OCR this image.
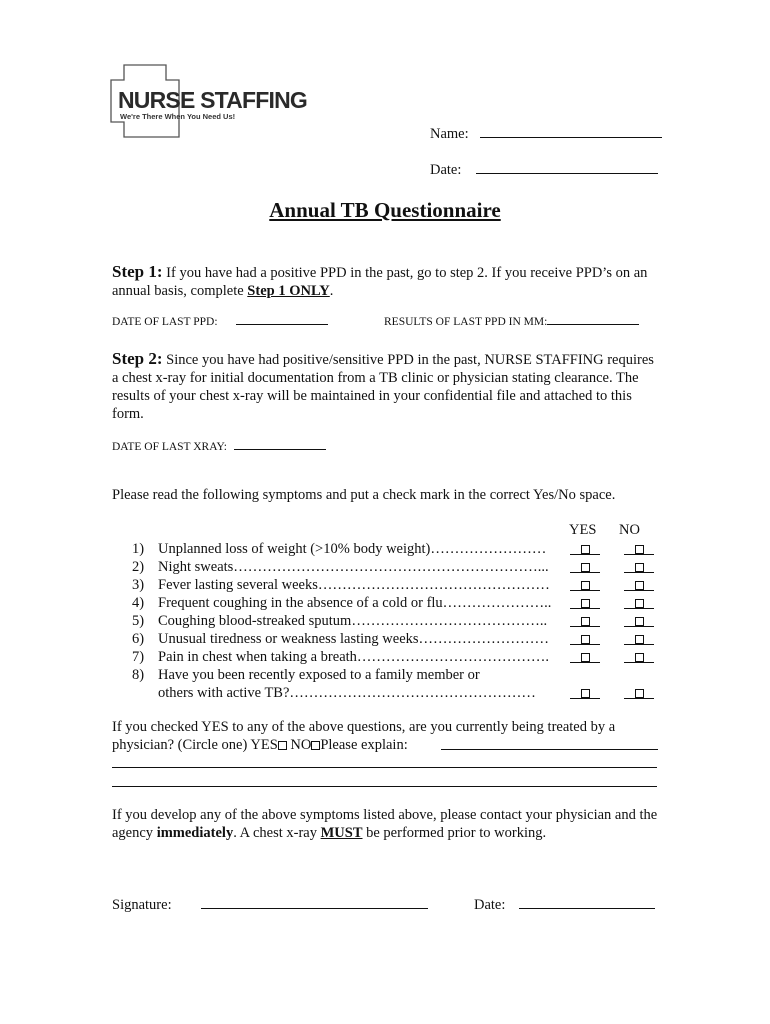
NURSE STAFFING
We're There When You Need Us!
Name:
Date:
Annual TB Questionnaire
Step 1: If you have had a positive PPD in the past, go to step 2. If you receive PPD’s on an annual basis, complete Step 1 ONLY.
DATE OF LAST PPD:	RESULTS OF LAST PPD IN MM:
Step 2: Since you have had positive/sensitive PPD in the past, NURSE STAFFING requires a chest x-ray for initial documentation from a TB clinic or physician stating clearance. The results of your chest x-ray will be maintained in your confidential file and attached to this form.
DATE OF LAST XRAY:
Please read the following symptoms and put a check mark in the correct Yes/No space.
YES NO
1) Unplanned loss of weight (>10% body weight)……………………
2) Night sweats………………………………………………………...
3) Fever lasting several weeks…………………………………………
4) Frequent coughing in the absence of a cold or flu…………………..
5) Coughing blood-streaked sputum…………………………………..
6) Unusual tiredness or weakness lasting weeks………………………
7) Pain in chest when taking a breath………………………………….
8) Have you been recently exposed to a family member or
others with active TB?……………………………………………
If you checked YES to any of the above questions, are you currently being treated by a
physician? (Circle one) YES NO Please explain:
If you develop any of the above symptoms listed above, please contact your physician and the agency immediately. A chest x-ray MUST be performed prior to working.
Signature:	Date:
